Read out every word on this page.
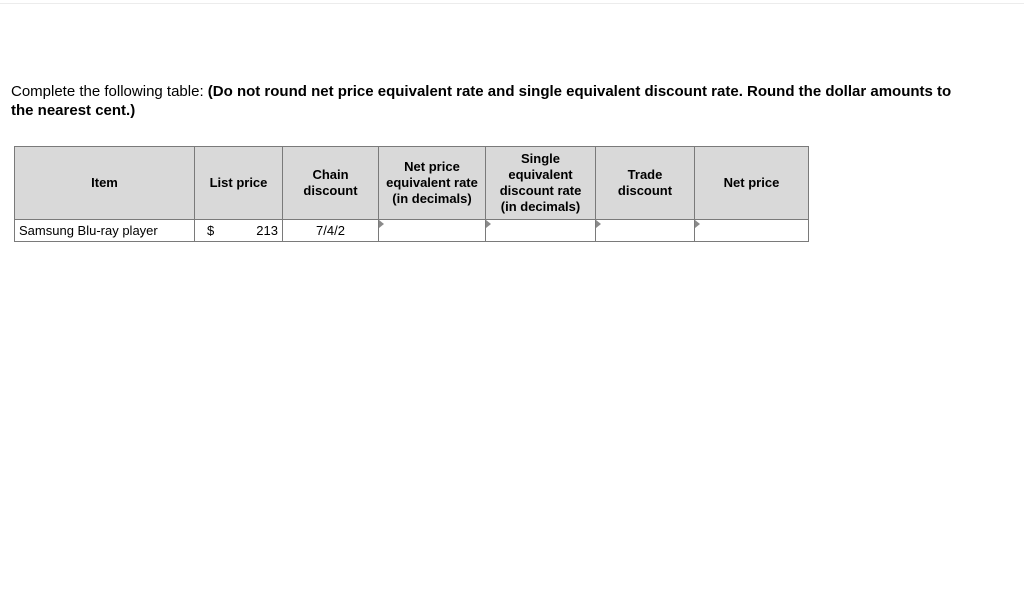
Complete the following table: (Do not round net price equivalent rate and single equivalent discount rate. Round the dollar amounts to the nearest cent.)
Item	List price	Chain discount	Net price equivalent rate (in decimals)	Single equivalent discount rate (in decimals)	Trade discount	Net price
Samsung Blu-ray player	$ 213	7/4/2	
